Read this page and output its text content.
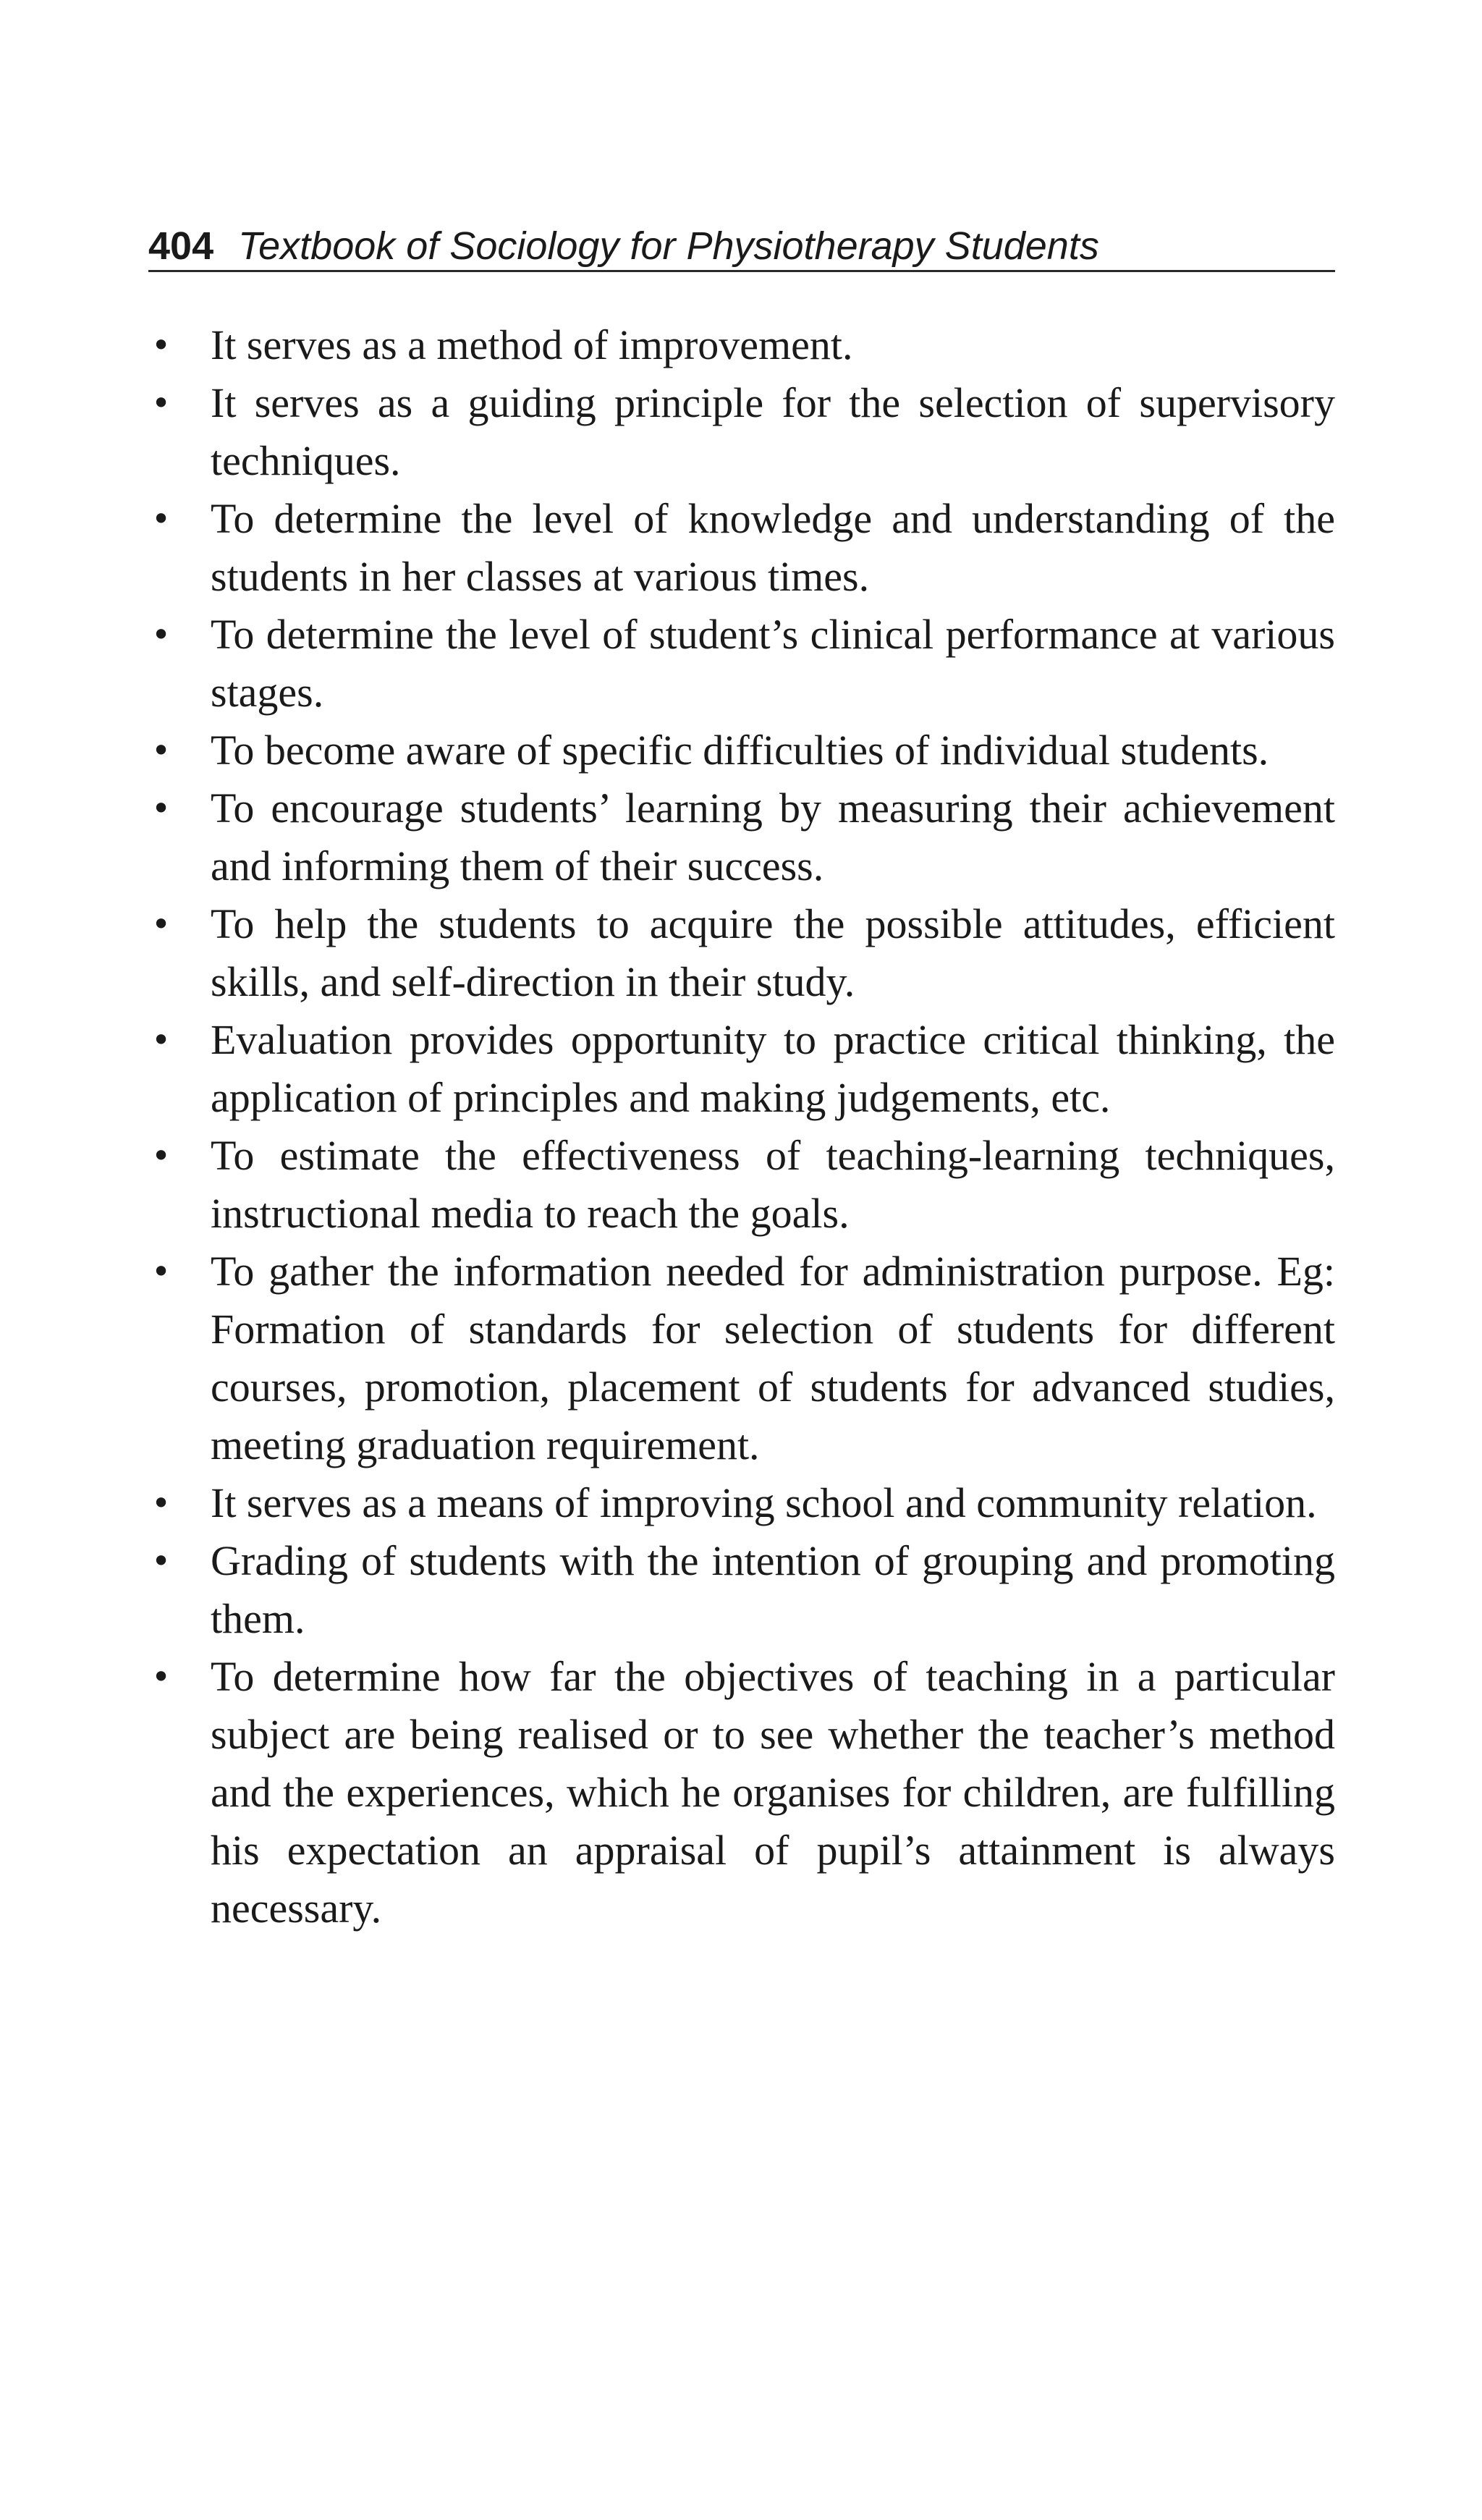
404 Textbook of Sociology for Physiotherapy Students
• It serves as a method of improvement.
• It serves as a guiding principle for the selection of supervisory techniques.
• To determine the level of knowledge and understanding of the students in her classes at various times.
• To determine the level of student’s clinical performance at various stages.
• To become aware of specific difficulties of individual students.
• To encourage students’ learning by measuring their achievement and informing them of their success.
• To help the students to acquire the possible attitudes, efficient skills, and self-direction in their study.
• Evaluation provides opportunity to practice critical thinking, the application of principles and making judgements, etc.
• To estimate the effectiveness of teaching-learning techniques, instructional media to reach the goals.
• To gather the information needed for administration purpose. Eg: Formation of standards for selection of students for different courses, promotion, placement of students for advanced studies, meeting graduation requirement.
• It serves as a means of improving school and community relation.
• Grading of students with the intention of grouping and promoting them.
• To determine how far the objectives of teaching in a particular subject are being realised or to see whether the teacher’s method and the experiences, which he organises for children, are fulfilling his expectation an appraisal of pupil’s attainment is always necessary.
